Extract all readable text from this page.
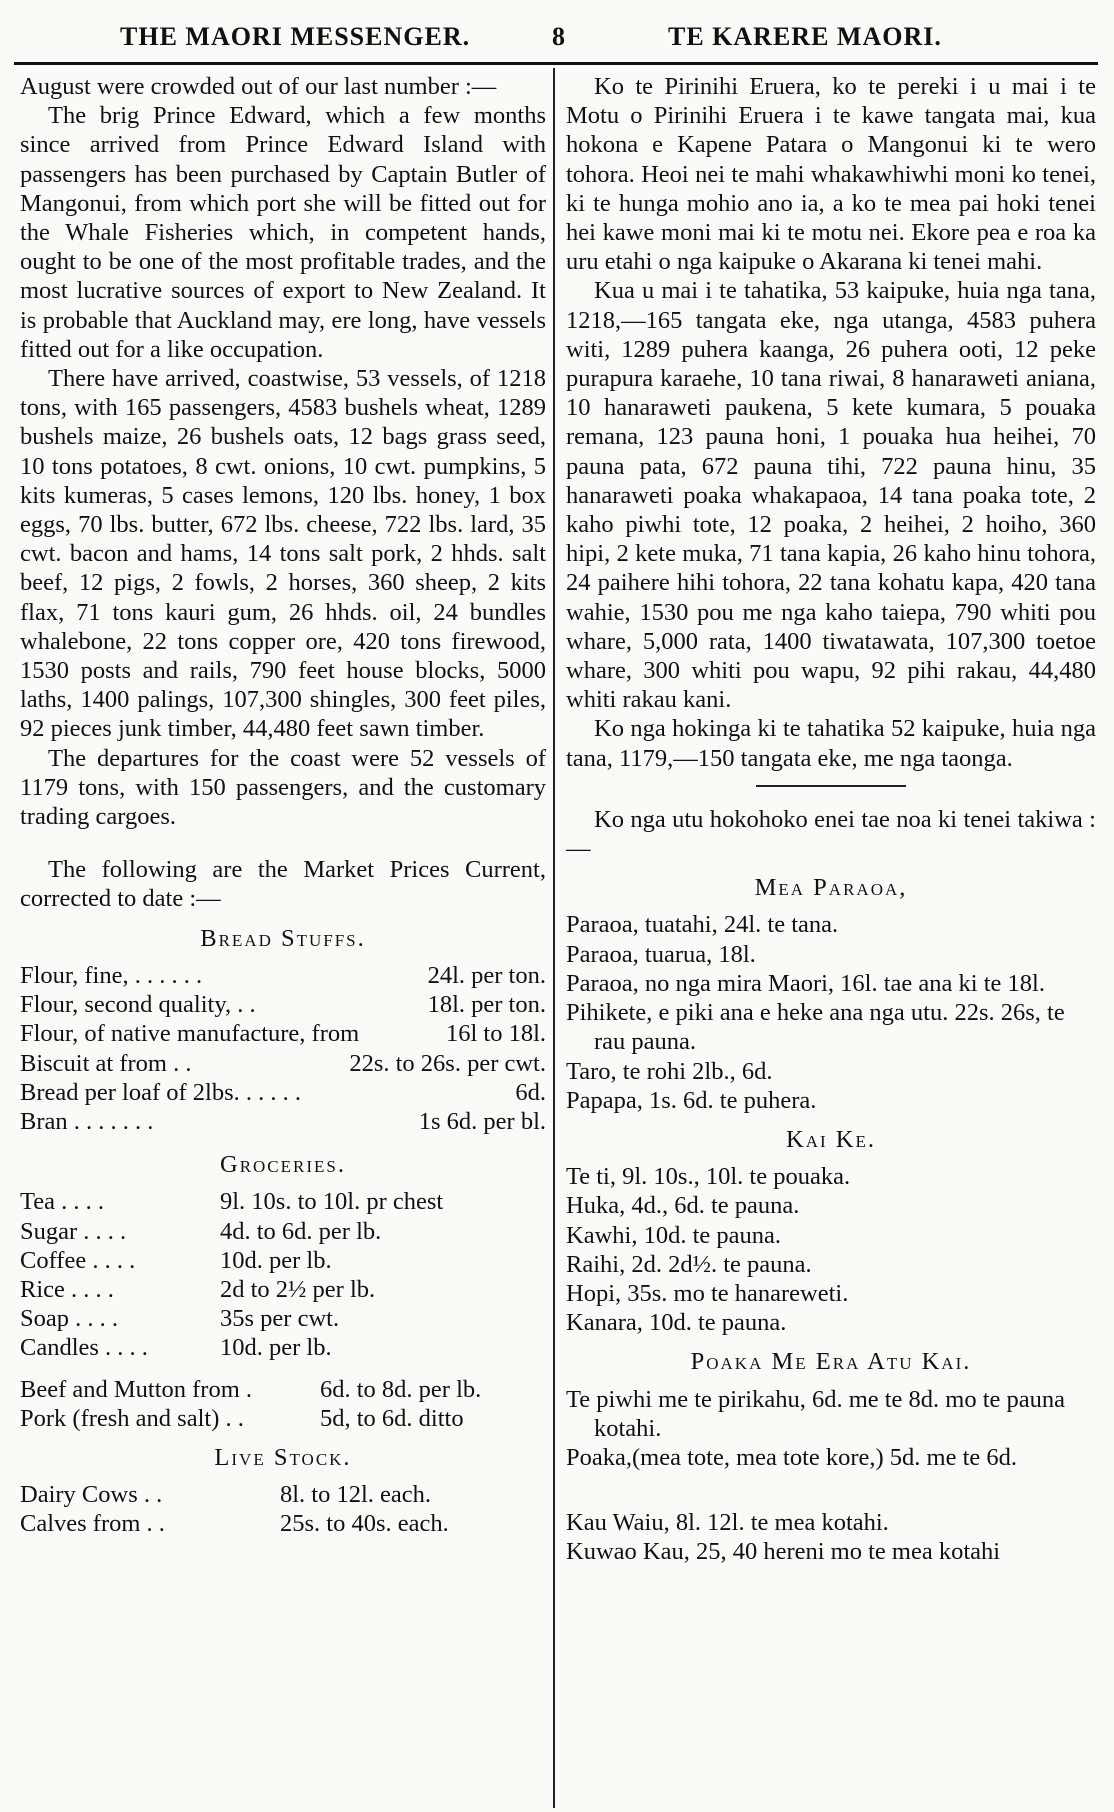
THE MAORI MESSENGER.	8	TE KARERE MAORI.

August were crowded out of our last number :—

The brig Prince Edward, which a few months since arrived from Prince Edward Island with passengers has been purchased by Captain Butler of Mangonui, from which port she will be fitted out for the Whale Fisheries which, in competent hands, ought to be one of the most profitable trades, and the most lucrative sources of export to New Zealand. It is probable that Auckland may, ere long, have vessels fitted out for a like occupation.

There have arrived, coastwise, 53 vessels, of 1218 tons, with 165 passengers, 4583 bushels wheat, 1289 bushels maize, 26 bushels oats, 12 bags grass seed, 10 tons potatoes, 8 cwt. onions, 10 cwt. pumpkins, 5 kits kumeras, 5 cases lemons, 120 lbs. honey, 1 box eggs, 70 lbs. butter, 672 lbs. cheese, 722 lbs. lard, 35 cwt. bacon and hams, 14 tons salt pork, 2 hhds. salt beef, 12 pigs, 2 fowls, 2 horses, 360 sheep, 2 kits flax, 71 tons kauri gum, 26 hhds. oil, 24 bundles whalebone, 22 tons copper ore, 420 tons firewood, 1530 posts and rails, 790 feet house blocks, 5000 laths, 1400 palings, 107,300 shingles, 300 feet piles, 92 pieces junk timber, 44,480 feet sawn timber.

The departures for the coast were 52 vessels of 1179 tons, with 150 passengers, and the customary trading cargoes.

The following are the Market Prices Current, corrected to date :—

Bread Stuffs.
Flour, fine, . . . . . .	24l. per ton.
Flour, second quality, . .	18l. per ton.
Flour, of native manufacture, from	16l to 18l.
Biscuit at from . .	22s. to 26s. per cwt.
Bread per loaf of 2lbs. . . . . .	6d.
Bran . . . . . . .	1s 6d. per bl.
Groceries.
Tea . . . .	9l. 10s. to 10l. pr chest
Sugar . . . .	4d. to 6d. per lb.
Coffee . . . .	10d. per lb.
Rice . . . .	2d to 2½ per lb.
Soap . . . .	35s per cwt.
Candles . . . .	10d. per lb.
Beef and Mutton from .	6d. to 8d. per lb.
Pork (fresh and salt) . .	5d, to 6d. ditto
Live Stock.
Dairy Cows . .	8l. to 12l. each.
Calves from . .	25s. to 40s. each.

Ko te Pirinihi Eruera, ko te pereki i u mai i te Motu o Pirinihi Eruera i te kawe tangata mai, kua hokona e Kapene Patara o Mangonui ki te wero tohora. Heoi nei te mahi whakawhiwhi moni ko tenei, ki te hunga mohio ano ia, a ko te mea pai hoki tenei hei kawe moni mai ki te motu nei. Ekore pea e roa ka uru etahi o nga kaipuke o Akarana ki tenei mahi.

Kua u mai i te tahatika, 53 kaipuke, huia nga tana, 1218,—165 tangata eke, nga utanga, 4583 puhera witi, 1289 puhera kaanga, 26 puhera ooti, 12 peke purapura karaehe, 10 tana riwai, 8 hanaraweti aniana, 10 hanaraweti paukena, 5 kete kumara, 5 pouaka remana, 123 pauna honi, 1 pouaka hua heihei, 70 pauna pata, 672 pauna tihi, 722 pauna hinu, 35 hanaraweti poaka whakapaoa, 14 tana poaka tote, 2 kaho piwhi tote, 12 poaka, 2 heihei, 2 hoiho, 360 hipi, 2 kete muka, 71 tana kapia, 26 kaho hinu tohora, 24 paihere hihi tohora, 22 tana kohatu kapa, 420 tana wahie, 1530 pou me nga kaho taiepa, 790 whiti pou whare, 5,000 rata, 1400 tiwatawata, 107,300 toetoe whare, 300 whiti pou wapu, 92 pihi rakau, 44,480 whiti rakau kani.

Ko nga hokinga ki te tahatika 52 kaipuke, huia nga tana, 1179,—150 tangata eke, me nga taonga.

Ko nga utu hokohoko enei tae noa ki tenei takiwa :—

Mea Paraoa,
Paraoa, tuatahi, 24l. te tana.
Paraoa, tuarua, 18l.
Paraoa, no nga mira Maori, 16l. tae ana ki te 18l.
Pihikete, e piki ana e heke ana nga utu. 22s. 26s, te rau pauna.
Taro, te rohi 2lb., 6d.
Papapa, 1s. 6d. te puhera.
Kai Ke.
Te ti, 9l. 10s., 10l. te pouaka.
Huka, 4d., 6d. te pauna.
Kawhi, 10d. te pauna.
Raihi, 2d. 2d½. te pauna.
Hopi, 35s. mo te hanareweti.
Kanara, 10d. te pauna.
Poaka Me Era Atu Kai.
Te piwhi me te pirikahu, 6d. me te 8d. mo te pauna kotahi.
Poaka,(mea tote, mea tote kore,) 5d. me te 6d.
Kau Waiu, 8l. 12l. te mea kotahi.
Kuwao Kau, 25, 40 hereni mo te mea kotahi
